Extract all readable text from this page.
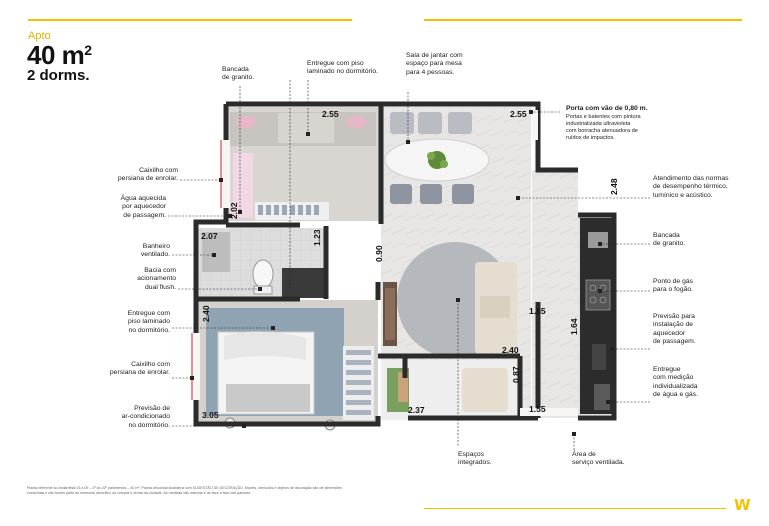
Apto
40 $m^2$
2 dorms.
2.55	2.55
2.02
2.07	1.23
0.90
2.48
1.55
1.64
2.40
2.40
0.87
2.37	1.55
3.05
Bancada
de granito.
Entregue com piso
laminado no dormitório.
Sala de jantar com
espaço para mesa
para 4 pessoas.
Porta com vão de 0,80 m.
Portas e batentes com pintura
industrializada ultravioleta
com borracha atenuadora de
ruídos de impactos.
Atendimento das normas
de desempenho térmico,
lumínico e acústico.
Caixilho com
persiana de enrolar.
Água aquecida
por aquecedor
de passagem.
Banheiro
ventilado.
Bacia com
acionamento
dual flush.
Entregue com
piso laminado
no dormitório.
Caixilho com
persiana de enrolar.
Previsão de
ar-condicionado
no dormitório.
Bancada
de granito.
Ponto de gás
para o fogão.
Previsão para
instalação de
aquecedor
de passagem.
Entregue
com medição
individualizada
de água e gás.
Espaços
integrados.
Área de
serviço ventilada.
Planta referente ao andar/final 03 a 09 – 2º ao 22º pavimentos – 40 m². Planta decorada ilustrativa com SUGESTÃO DE DECORAÇÃO. Móveis, utensílios e objetos de decoração são de dimensões comerciais e não fazem parte do memorial descritivo do compra e venda da unidade. As medidas são internas e de face a face das paredes.
W
